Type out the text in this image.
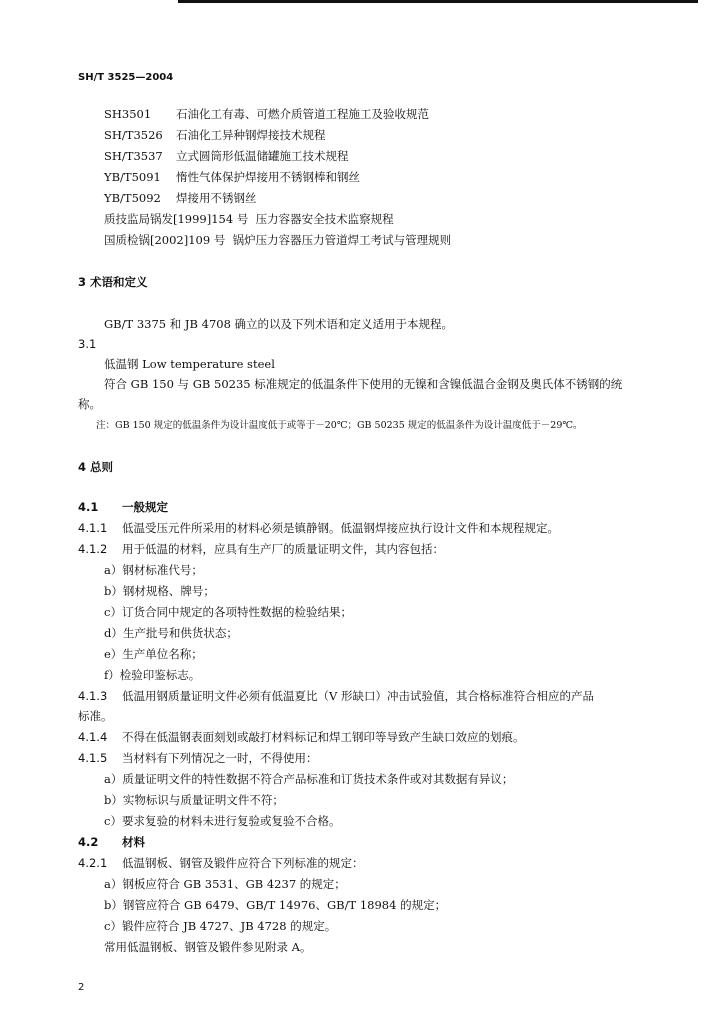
SH/T 3525—2004
SH3501 石油化工有毒、可燃介质管道工程施工及验收规范
SH/T3526 石油化工异种钢焊接技术规程
SH/T3537 立式圆筒形低温储罐施工技术规程
YB/T5091 惰性气体保护焊接用不锈钢棒和钢丝
YB/T5092 焊接用不锈钢丝
质技监局锅发[1999]154 号 压力容器安全技术监察规程
国质检锅[2002]109 号 锅炉压力容器压力管道焊工考试与管理规则
3 术语和定义
GB/T 3375 和 JB 4708 确立的以及下列术语和定义适用于本规程。
3.1
低温钢 Low temperature steel
符合 GB 150 与 GB 50235 标准规定的低温条件下使用的无镍和含镍低温合金钢及奥氏体不锈钢的统
称。
注：GB 150 规定的低温条件为设计温度低于或等于－20℃；GB 50235 规定的低温条件为设计温度低于－29℃。
4 总则
4.1 一般规定
4.1.1 低温受压元件所采用的材料必须是镇静钢。低温钢焊接应执行设计文件和本规程规定。
4.1.2 用于低温的材料，应具有生产厂的质量证明文件，其内容包括：
a）钢材标准代号；
b）钢材规格、牌号；
c）订货合同中规定的各项特性数据的检验结果；
d）生产批号和供货状态；
e）生产单位名称；
f）检验印鉴标志。
4.1.3 低温用钢质量证明文件必须有低温夏比（V 形缺口）冲击试验值，其合格标准符合相应的产品
标准。
4.1.4 不得在低温钢表面刻划或敲打材料标记和焊工钢印等导致产生缺口效应的划痕。
4.1.5 当材料有下列情况之一时，不得使用：
a）质量证明文件的特性数据不符合产品标准和订货技术条件或对其数据有异议；
b）实物标识与质量证明文件不符；
c）要求复验的材料未进行复验或复验不合格。
4.2 材料
4.2.1 低温钢板、钢管及锻件应符合下列标准的规定：
a）钢板应符合 GB 3531、GB 4237 的规定；
b）钢管应符合 GB 6479、GB/T 14976、GB/T 18984 的规定；
c）锻件应符合 JB 4727、JB 4728 的规定。
常用低温钢板、钢管及锻件参见附录 A。
2
